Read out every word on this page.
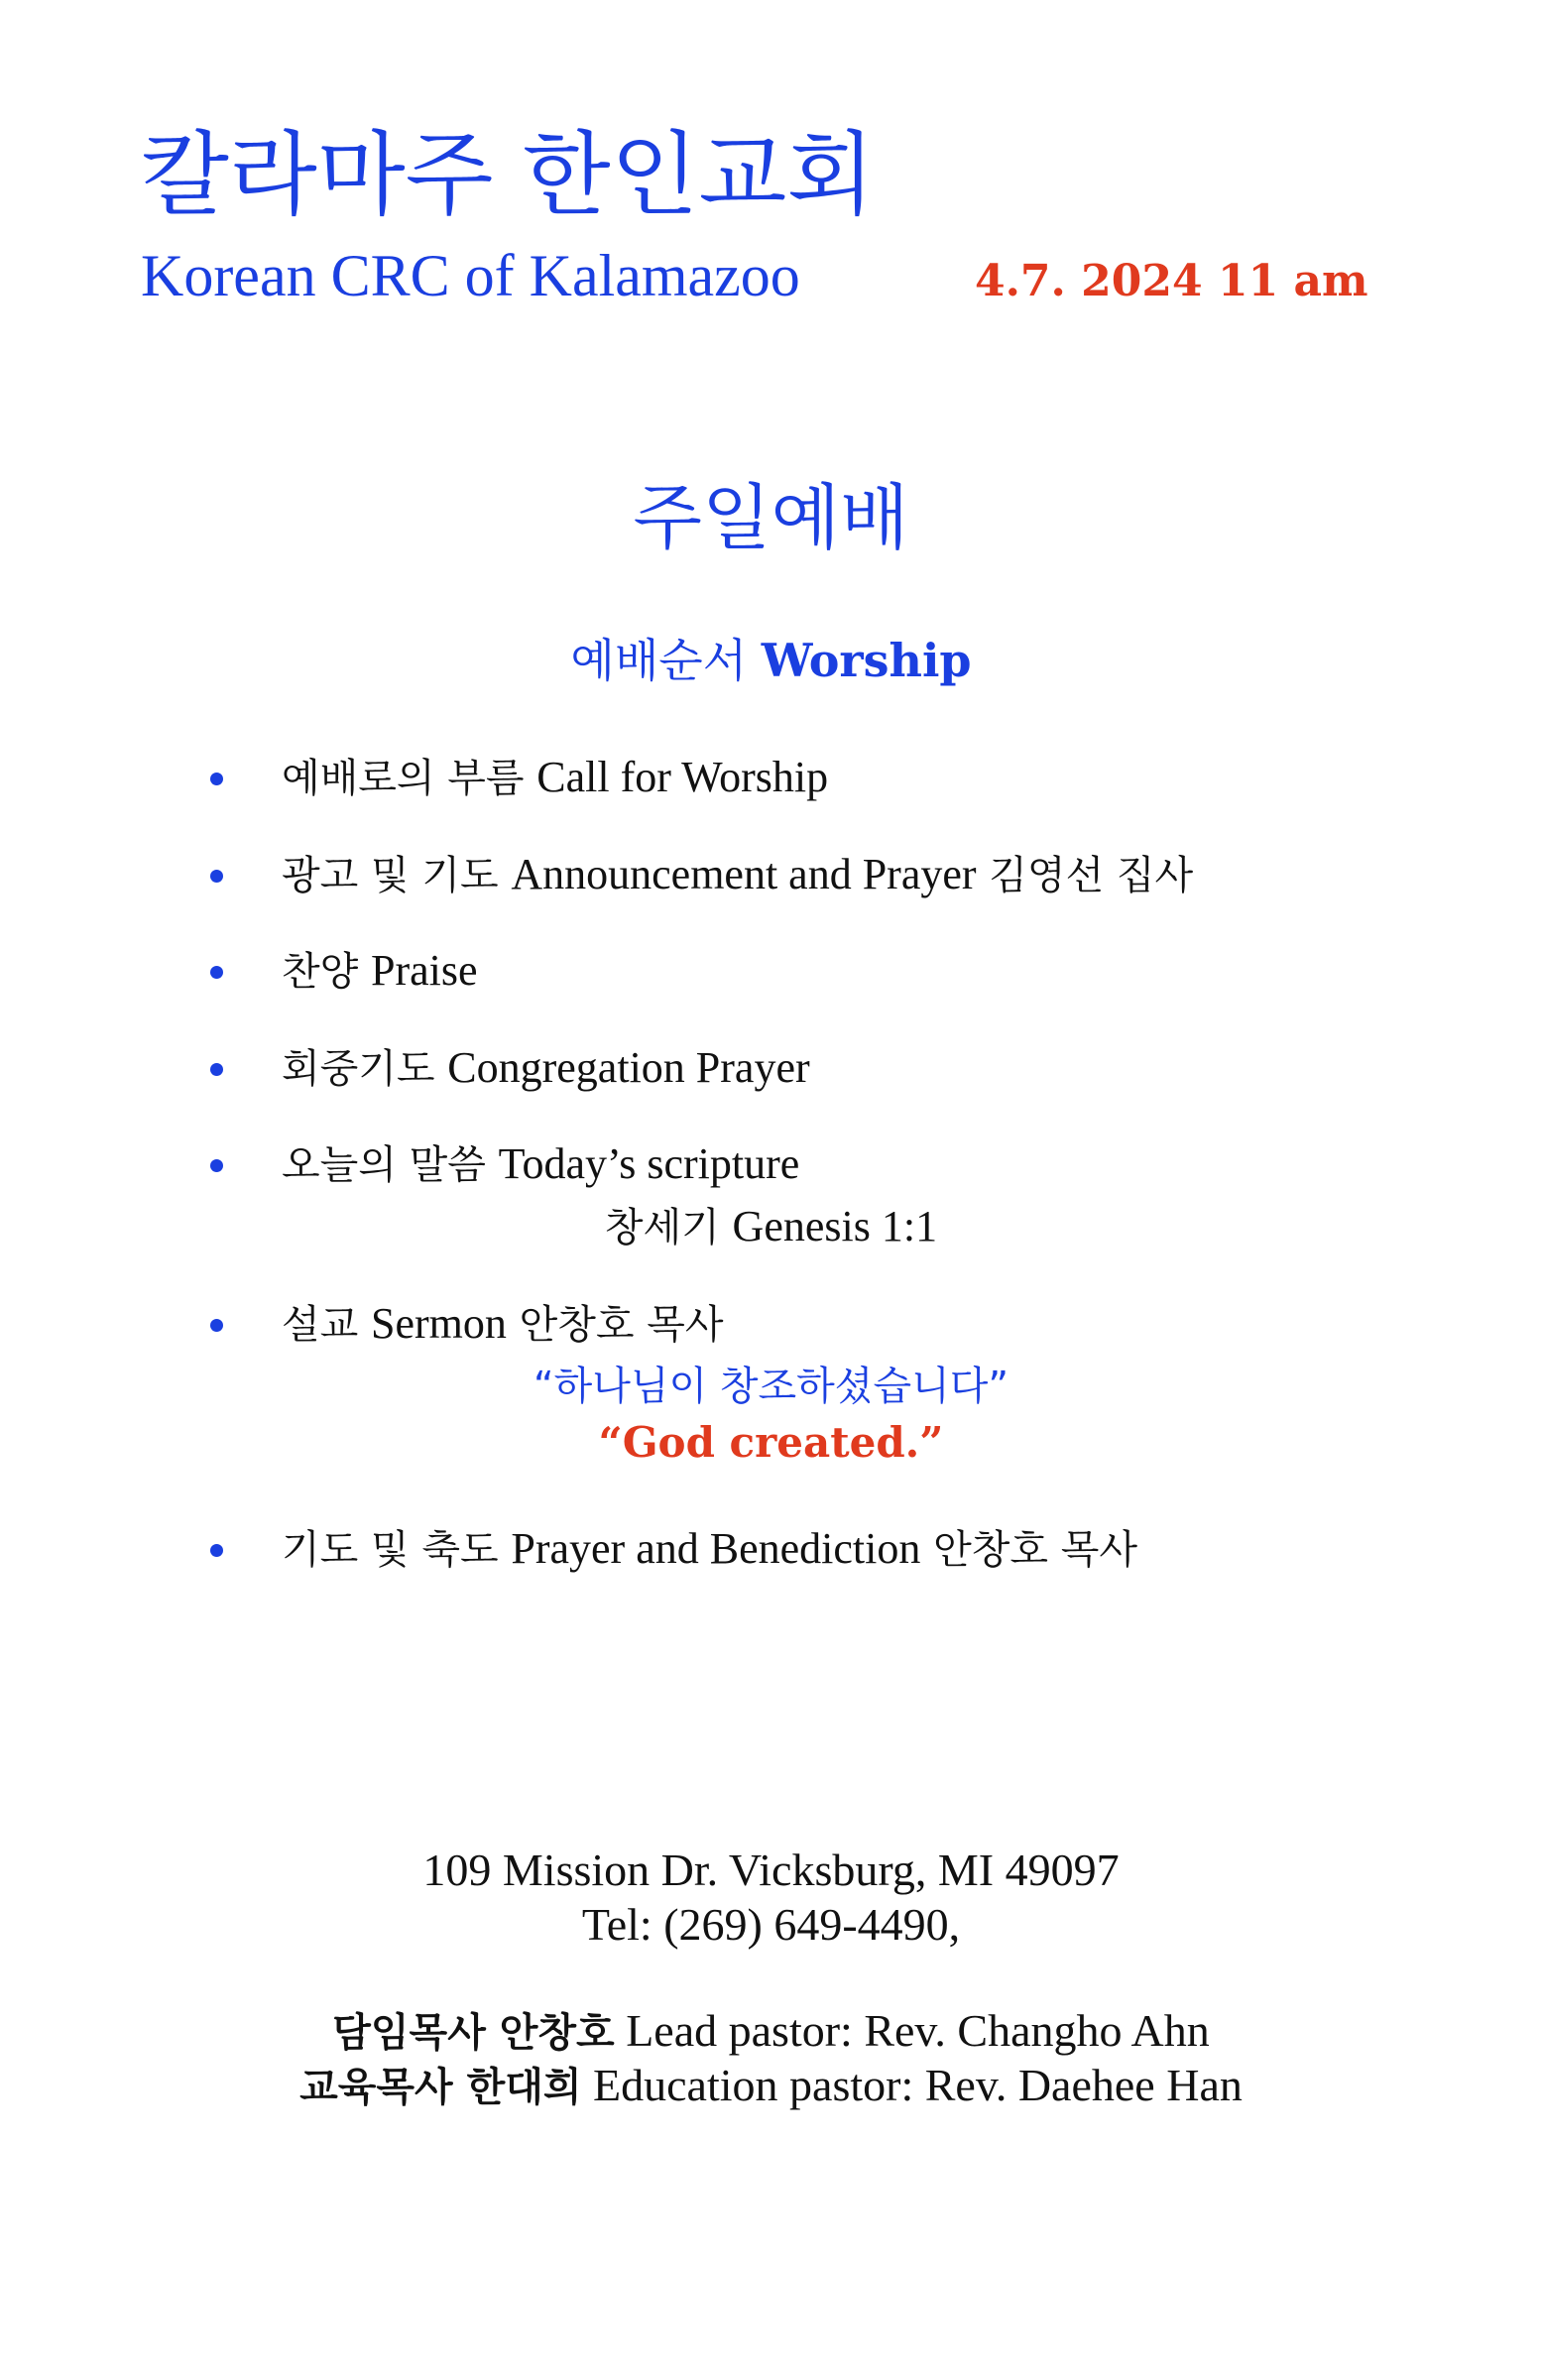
칼라마주 한인교회
Korean CRC of Kalamazoo	4.7. 2024 11 am
주일예배
예배순서 Worship
예배로의 부름 Call for Worship
광고 및 기도 Announcement and Prayer 김영선 집사
찬양 Praise
회중기도 Congregation Prayer
오늘의 말씀 Today’s scripture
창세기 Genesis 1:1
설교 Sermon 안창호 목사
“하나님이 창조하셨습니다”
“God created.”
기도 및 축도 Prayer and Benediction 안창호 목사
109 Mission Dr. Vicksburg, MI 49097
Tel: (269) 649-4490,
담임목사 안창호 Lead pastor: Rev. Changho Ahn
교육목사 한대희 Education pastor: Rev. Daehee Han
